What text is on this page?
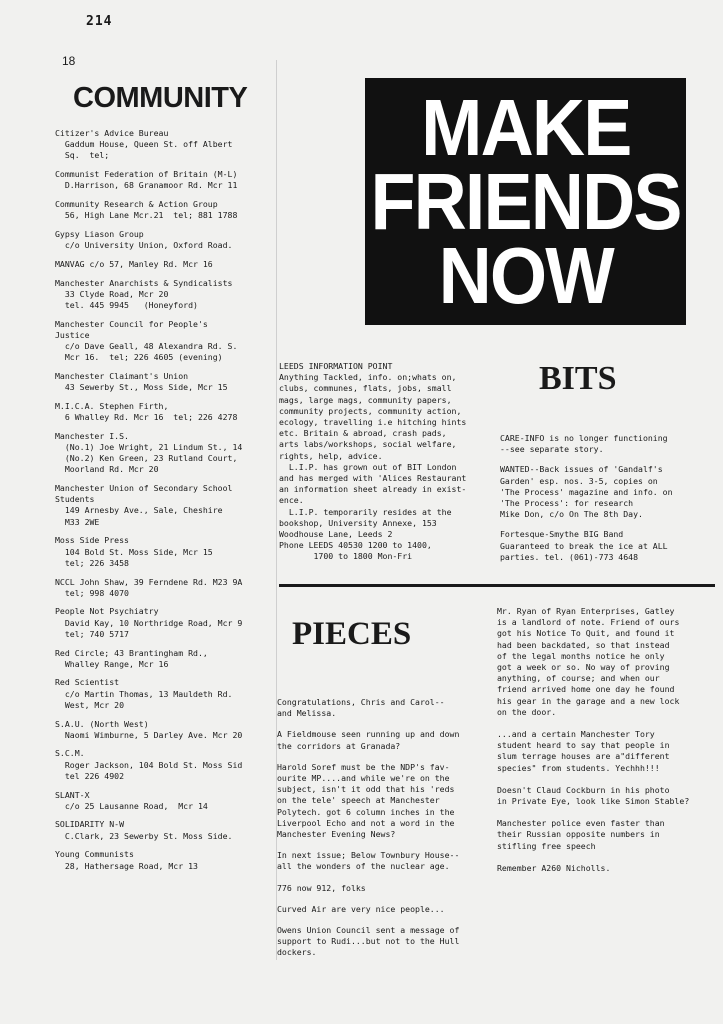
214
18
COMMUNITY
Citizer's Advice Bureau
Gaddum House, Queen St. off Albert
Sq.  tel;
Communist Federation of Britain (M-L)
D.Harrison, 68 Granamoor Rd. Mcr 11
Community Research & Action Group
56, High Lane Mcr.21  tel; 881 1788
Gypsy Liason Group
c/o University Union, Oxford Road.
MANVAG c/o 57, Manley Rd. Mcr 16
Manchester Anarchists & Syndicalists
33 Clyde Road, Mcr 20
tel. 445 9945   (Honeyford)
Manchester Council for People's
Justice
c/o Dave Geall, 48 Alexandra Rd. S.
Mcr 16.  tel; 226 4605 (evening)
Manchester Claimant's Union
43 Sewerby St., Moss Side, Mcr 15
M.I.C.A. Stephen Firth,
6 Whalley Rd. Mcr 16  tel; 226 4278
Manchester I.S.
(No.1) Joe Wright, 21 Lindum St., 14
(No.2) Ken Green, 23 Rutland Court,
Moorland Rd. Mcr 20
Manchester Union of Secondary School
Students
149 Arnesby Ave., Sale, Cheshire
M33 2WE
Moss Side Press
104 Bold St. Moss Side, Mcr 15
tel; 226 3458
NCCL John Shaw, 39 Ferndene Rd. M23 9A
tel; 998 4070
People Not Psychiatry
David Kay, 10 Northridge Road, Mcr 9
tel; 740 5717
Red Circle; 43 Brantingham Rd.,
Whalley Range, Mcr 16
Red Scientist
c/o Martin Thomas, 13 Mauldeth Rd.
West, Mcr 20
S.A.U. (North West)
Naomi Wimburne, 5 Darley Ave. Mcr 20
S.C.M.
Roger Jackson, 104 Bold St. Moss Sid
tel 226 4902
SLANT-X
c/o 25 Lausanne Road,  Mcr 14
SOLIDARITY N-W
C.Clark, 23 Sewerby St. Moss Side.
Young Communists
28, Hathersage Road, Mcr 13
MAKE
FRIENDS
NOW
LEEDS INFORMATION POINT
Anything Tackled, info. on;whats on,
clubs, communes, flats, jobs, small
mags, large mags, community papers,
community projects, community action,
ecology, travelling i.e hitching hints
etc. Britain & abroad, crash pads,
arts labs/workshops, social welfare,
rights, help, advice.
L.I.P. has grown out of BIT London
and has merged with 'Alices Restaurant
an information sheet already in exist-
ence.
L.I.P. temporarily resides at the
bookshop, University Annexe, 153
Woodhouse Lane, Leeds 2
Phone LEEDS 40530 1200 to 1400,
1700 to 1800 Mon-Fri
BITS
CARE-INFO is no longer functioning
--see separate story.
WANTED--Back issues of 'Gandalf's
Garden' esp. nos. 3-5, copies on
'The Process' magazine and info. on
'The Process': for research
Mike Don, c/o On The 8th Day.
Fortesque-Smythe BIG Band
Guaranteed to break the ice at ALL
parties. tel. (061)-773 4648
PIECES
Congratulations, Chris and Carol--
and Melissa.
A Fieldmouse seen running up and down
the corridors at Granada?
Harold Soref must be the NDP's fav-
ourite MP....and while we're on the
subject, isn't it odd that his 'reds
on the tele' speech at Manchester
Polytech. got 6 column inches in the
Liverpool Echo and not a word in the
Manchester Evening News?
In next issue; Below Townbury House--
all the wonders of the nuclear age.
776 now 912, folks
Curved Air are very nice people...
Owens Union Council sent a message of
support to Rudi...but not to the Hull
dockers.
Mr. Ryan of Ryan Enterprises, Gatley
is a landlord of note. Friend of ours
got his Notice To Quit, and found it
had been backdated, so that instead
of the legal months notice he only
got a week or so. No way of proving
anything, of course; and when our
friend arrived home one day he found
his gear in the garage and a new lock
on the door.
...and a certain Manchester Tory
student heard to say that people in
slum terrage houses are a"different
species" from students. Yechhh!!!
Doesn't Claud Cockburn in his photo
in Private Eye, look like Simon Stable?
Manchester police even faster than
their Russian opposite numbers in
stifling free speech
Remember A260 Nicholls.
